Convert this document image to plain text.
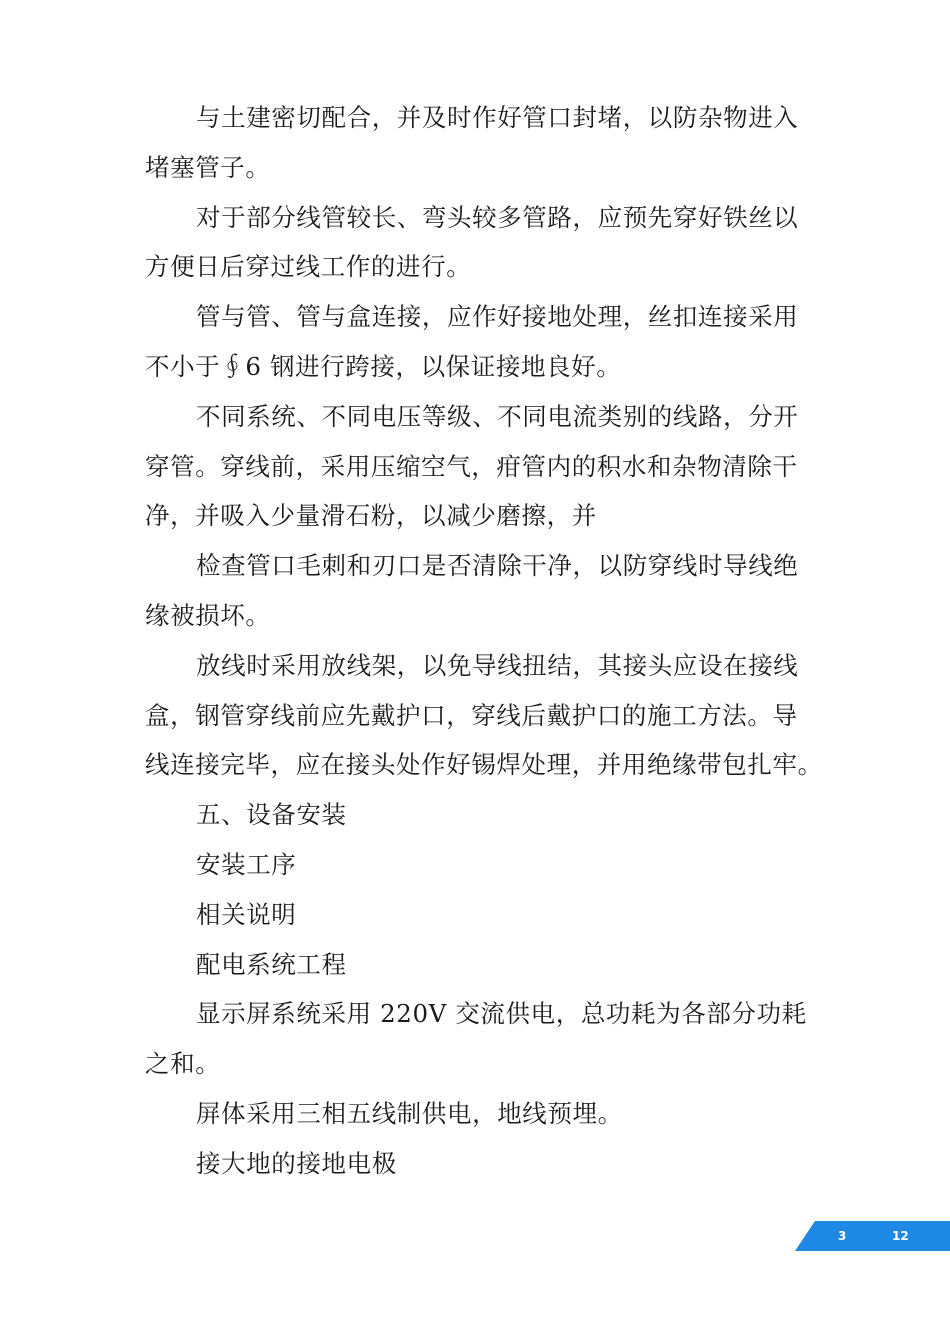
与土建密切配合，并及时作好管口封堵，以防杂物进入
堵塞管子。
对于部分线管较长、弯头较多管路，应预先穿好铁丝以
方便日后穿过线工作的进行。
管与管、管与盒连接，应作好接地处理，丝扣连接采用
不小于∮6 钢进行跨接，以保证接地良好。
不同系统、不同电压等级、不同电流类别的线路，分开
穿管。穿线前，采用压缩空气，疳管内的积水和杂物清除干
净，并吸入少量滑石粉，以减少磨擦，并
检查管口毛刺和刃口是否清除干净，以防穿线时导线绝
缘被损坏。
放线时采用放线架，以免导线扭结，其接头应设在接线
盒，钢管穿线前应先戴护口，穿线后戴护口的施工方法。导
线连接完毕，应在接头处作好锡焊处理，并用绝缘带包扎牢。
五、设备安装
安装工序
相关说明
配电系统工程
显示屏系统采用 220V 交流供电，总功耗为各部分功耗
之和。
屏体采用三相五线制供电，地线预埋。
接大地的接地电极
3	12
